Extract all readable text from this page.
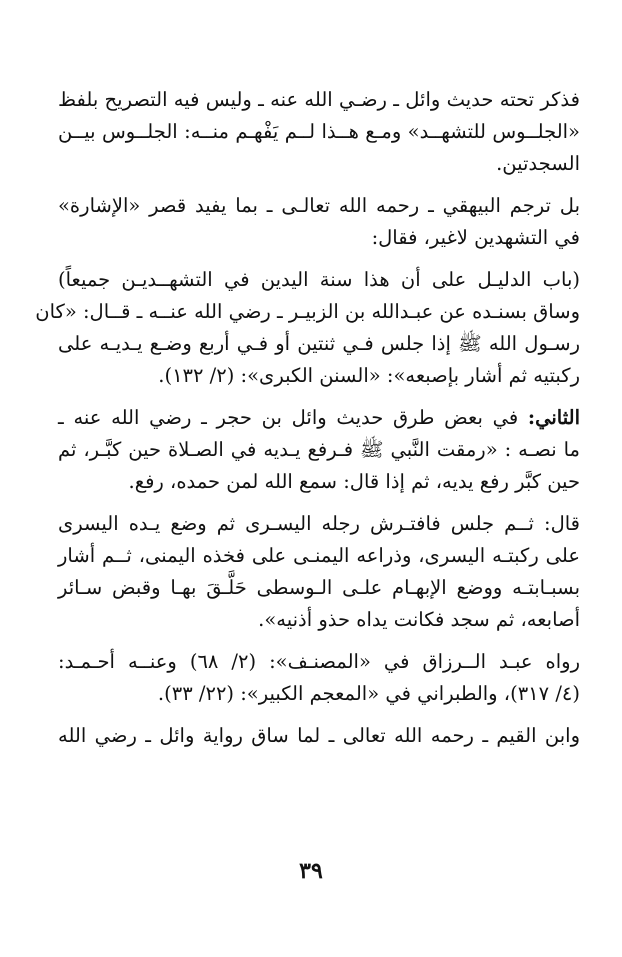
فذكر تحته حديث وائل ـ رضـي الله عنه ـ وليس فيه التصريح بلفظ
«الجلــوس للتشهــد» ومـع هــذا لــم يَفْهـم منــه: الجلــوس بيــن
السجدتين.
بل ترجم البيهقي ـ رحمه الله تعالـى ـ بما يفيد قصر «الإشارة»
في التشهدين لاغير، فقال:
(باب الدليـل على أن هذا سنة اليدين في التشهــديـن جميعاً)
وساق بسنـده عن عبـدالله بن الزبيـر ـ رضي الله عنــه ـ قــال: «كان
رسـول الله ﷺ إذا جلس فـي ثنتين أو فـي أربع وضـع يـديـه على
ركبتيه ثم أشار بإصبعه»: «السنن الكبرى»: (٢/ ١٣٢).
الثاني: في بعض طرق حديث وائل بن حجر ـ رضي الله عنه ـ
ما نصـه : «رمقت النَّبي ﷺ فـرفع يـديه في الصـلاة حين كبَّـر، ثم
حين كبَّر رفع يديه، ثم إذا قال: سمع الله لمن حمده، رفع.
قال: ثــم جلس فافتـرش رجله اليسـرى ثم وضع يـده اليسرى
على ركبتـه اليسرى، وذراعه اليمنـى على فخذه اليمنى، ثــم أشار
بسبـابتـه ووضع الإبهـام علـى الـوسطى حَلَّـقَ بهـا وقبض سـائر
أصابعه، ثم سجد فكانت يداه حذو أذنيه».
رواه عبـد الــرزاق في «المصنـف»: (٢/ ٦٨) وعنــه أحـمـد:
(٤/ ٣١٧)، والطبراني في «المعجم الكبير»: (٢٢/ ٣٣).
وابن القيم ـ رحمه الله تعالى ـ لما ساق رواية وائل ـ رضي الله
٣٩
